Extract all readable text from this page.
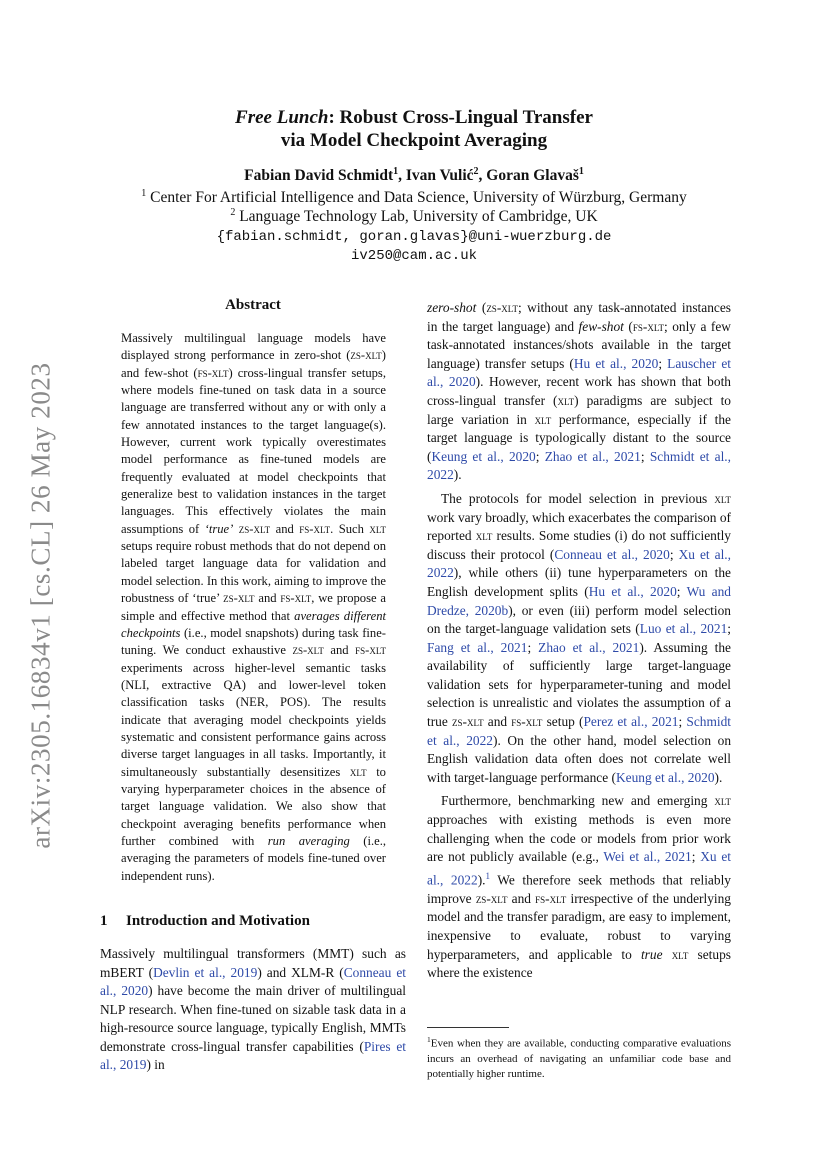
arXiv:2305.16834v1 [cs.CL] 26 May 2023
Free Lunch: Robust Cross-Lingual Transfer
via Model Checkpoint Averaging
Fabian David Schmidt$^1$, Ivan Vulić$^2$, Goran Glavaš$^1$
$^1$ Center For Artificial Intelligence and Data Science, University of Würzburg, Germany
$^2$ Language Technology Lab, University of Cambridge, UK
{fabian.schmidt, goran.glavas}@uni-wuerzburg.de
iv250@cam.ac.uk
Abstract
Massively multilingual language models have displayed strong performance in zero-shot (zs-xlt) and few-shot (fs-xlt) cross-lingual transfer setups, where models fine-tuned on task data in a source language are transferred without any or with only a few annotated instances to the target language(s). However, current work typically overestimates model performance as fine-tuned models are frequently evaluated at model checkpoints that generalize best to validation instances in the target languages. This effectively violates the main assumptions of ‘true’ zs-xlt and fs-xlt. Such xlt setups require robust methods that do not depend on labeled target language data for validation and model selection. In this work, aiming to improve the robustness of ‘true’ zs-xlt and fs-xlt, we propose a simple and effective method that averages different checkpoints (i.e., model snapshots) during task fine-tuning. We conduct exhaustive zs-xlt and fs-xlt experiments across higher-level semantic tasks (NLI, extractive QA) and lower-level token classification tasks (NER, POS). The results indicate that averaging model checkpoints yields systematic and consistent performance gains across diverse target languages in all tasks. Importantly, it simultaneously substantially desensitizes xlt to varying hyperparameter choices in the absence of target language validation. We also show that checkpoint averaging benefits performance when further combined with run averaging (i.e., averaging the parameters of models fine-tuned over independent runs).
1 Introduction and Motivation
Massively multilingual transformers (MMT) such as mBERT (Devlin et al., 2019) and XLM-R (Conneau et al., 2020) have become the main driver of multilingual NLP research. When fine-tuned on sizable task data in a high-resource source language, typically English, MMTs demonstrate cross-lingual transfer capabilities (Pires et al., 2019) in

zero-shot (zs-xlt; without any task-annotated instances in the target language) and few-shot (fs-xlt; only a few task-annotated instances/shots available in the target language) transfer setups (Hu et al., 2020; Lauscher et al., 2020). However, recent work has shown that both cross-lingual transfer (xlt) paradigms are subject to large variation in xlt performance, especially if the target language is typologically distant to the source (Keung et al., 2020; Zhao et al., 2021; Schmidt et al., 2022).

The protocols for model selection in previous xlt work vary broadly, which exacerbates the comparison of reported xlt results. Some studies (i) do not sufficiently discuss their protocol (Conneau et al., 2020; Xu et al., 2022), while others (ii) tune hyperparameters on the English development splits (Hu et al., 2020; Wu and Dredze, 2020b), or even (iii) perform model selection on the target-language validation sets (Luo et al., 2021; Fang et al., 2021; Zhao et al., 2021). Assuming the availability of sufficiently large target-language validation sets for hyperparameter-tuning and model selection is unrealistic and violates the assumption of a true zs-xlt and fs-xlt setup (Perez et al., 2021; Schmidt et al., 2022). On the other hand, model selection on English validation data often does not correlate well with target-language performance (Keung et al., 2020).

Furthermore, benchmarking new and emerging xlt approaches with existing methods is even more challenging when the code or models from prior work are not publicly available (e.g., Wei et al., 2021; Xu et al., 2022).$^1$ We therefore seek methods that reliably improve zs-xlt and fs-xlt irrespective of the underlying model and the transfer paradigm, are easy to implement, inexpensive to evaluate, robust to varying hyperparameters, and applicable to true xlt setups where the existence

$^1$Even when they are available, conducting comparative evaluations incurs an overhead of navigating an unfamiliar code base and potentially higher runtime.
